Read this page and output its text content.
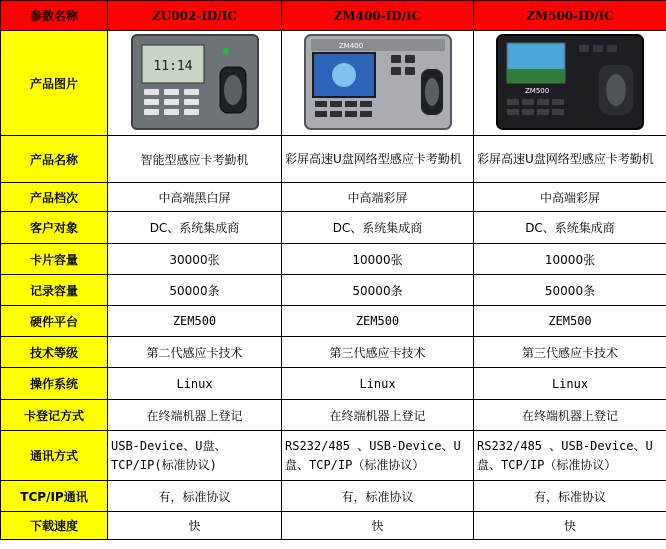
参数名称	ZU002-ID/IC	ZM400-ID/IC	ZM500-ID/IC
产品图片	11:14	ZM400	ZM500

产品名称	智能型感应卡考勤机	彩屏高速U盘网络型感应卡考勤机	彩屏高速U盘网络型感应卡考勤机
产品档次	中高端黑白屏	中高端彩屏	中高端彩屏
客户对象	DC、系统集成商	DC、系统集成商	DC、系统集成商
卡片容量	30000张	10000张	10000张
记录容量	50000条	50000条	50000条
硬件平台	ZEM500	ZEM500	ZEM500
技术等级	第二代感应卡技术	第三代感应卡技术	第三代感应卡技术
操作系统	Linux	Linux	Linux
卡登记方式	在终端机器上登记	在终端机器上登记	在终端机器上登记
通讯方式	USB-Device、U盘、TCP/IP(标准协议)	RS232/485 、USB-Device、U盘、TCP/IP（标准协议）	RS232/485 、USB-Device、U盘、TCP/IP（标准协议）
TCP/IP通讯	有，标准协议	有，标准协议	有，标准协议
下载速度	快	快	快
